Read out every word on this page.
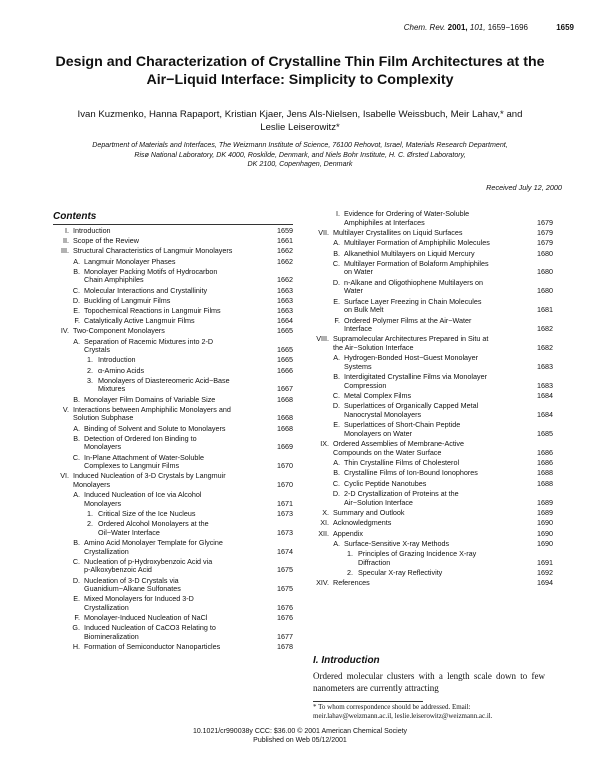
Chem. Rev. 2001, 101, 1659−1696	1659
Design and Characterization of Crystalline Thin Film Architectures at the
Air−Liquid Interface: Simplicity to Complexity
Ivan Kuzmenko, Hanna Rapaport, Kristian Kjaer, Jens Als-Nielsen, Isabelle Weissbuch, Meir Lahav,* and
Leslie Leiserowitz*
Department of Materials and Interfaces, The Weizmann Institute of Science, 76100 Rehovot, Israel, Materials Research Department,
Risø National Laboratory, DK 4000, Roskilde, Denmark, and Niels Bohr Institute, H. C. Ørsted Laboratory,
DK 2100, Copenhagen, Denmark
Received July 12, 2000
Contents
I. Introduction	1659
II. Scope of the Review	1661
III. Structural Characteristics of Langmuir Monolayers	1662
A. Langmuir Monolayer Phases	1662
B. Monolayer Packing Motifs of Hydrocarbon
Chain Amphiphiles	1662
C. Molecular Interactions and Crystallinity	1663
D. Buckling of Langmuir Films	1663
E. Topochemical Reactions in Langmuir Films	1663
F. Catalytically Active Langmuir Films	1664
IV. Two-Component Monolayers	1665
A. Separation of Racemic Mixtures into 2-D
Crystals	1665
1. Introduction	1665
2. α-Amino Acids	1666
3. Monolayers of Diastereomeric Acid−Base
Mixtures	1667
B. Monolayer Film Domains of Variable Size	1668
V. Interactions between Amphiphilic Monolayers and
Solution Subphase	1668
A. Binding of Solvent and Solute to Monolayers	1668
B. Detection of Ordered Ion Binding to
Monolayers	1669
C. In-Plane Attachment of Water-Soluble
Complexes to Langmuir Films	1670
VI. Induced Nucleation of 3-D Crystals by Langmuir
Monolayers	1670
A. Induced Nucleation of Ice via Alcohol
Monolayers	1671
1. Critical Size of the Ice Nucleus	1673
2. Ordered Alcohol Monolayers at the
Oil−Water Interface	1673
B. Amino Acid Monolayer Template for Glycine
Crystallization	1674
C. Nucleation of p-Hydroxybenzoic Acid via
p-Alkoxybenzoic Acid	1675
D. Nucleation of 3-D Crystals via
Guanidium−Alkane Sulfonates	1675
E. Mixed Monolayers for Induced 3-D
Crystallization	1676
F. Monolayer-Induced Nucleation of NaCl	1676
G. Induced Nucleation of CaCO3 Relating to
Biomineralization	1677
H. Formation of Semiconductor Nanoparticles	1678
I. Evidence for Ordering of Water-Soluble
Amphiphiles at Interfaces	1679
VII. Multilayer Crystallites on Liquid Surfaces	1679
A. Multilayer Formation of Amphiphilic Molecules	1679
B. Alkanethiol Multilayers on Liquid Mercury	1680
C. Multilayer Formation of Bolaform Amphiphiles
on Water	1680
D. n-Alkane and Oligothiophene Multilayers on
Water	1680
E. Surface Layer Freezing in Chain Molecules
on Bulk Melt	1681
F. Ordered Polymer Films at the Air−Water
Interface	1682
VIII. Supramolecular Architectures Prepared in Situ at
the Air−Solution Interface	1682
A. Hydrogen-Bonded Host−Guest Monolayer
Systems	1683
B. Interdigitated Crystalline Films via Monolayer
Compression	1683
C. Metal Complex Films	1684
D. Superlattices of Organically Capped Metal
Nanocrystal Monolayers	1684
E. Superlattices of Short-Chain Peptide
Monolayers on Water	1685
IX. Ordered Assemblies of Membrane-Active
Compounds on the Water Surface	1686
A. Thin Crystalline Films of Cholesterol	1686
B. Crystalline Films of Ion-Bound Ionophores	1688
C. Cyclic Peptide Nanotubes	1688
D. 2-D Crystallization of Proteins at the
Air−Solution Interface	1689
X. Summary and Outlook	1689
XI. Acknowledgments	1690
XII. Appendix	1690
A. Surface-Sensitive X-ray Methods	1690
1. Principles of Grazing Incidence X-ray
Diffraction	1691
2. Specular X-ray Reflectivity	1692
XIV. References	1694
I. Introduction
Ordered molecular clusters with a length scale down to few nanometers are currently attracting
* To whom correspondence should be addressed. Email: meir.lahav@weizmann.ac.il, leslie.leiserowitz@weizmann.ac.il.
10.1021/cr990038y CCC: $36.00 © 2001 American Chemical Society
Published on Web 05/12/2001
